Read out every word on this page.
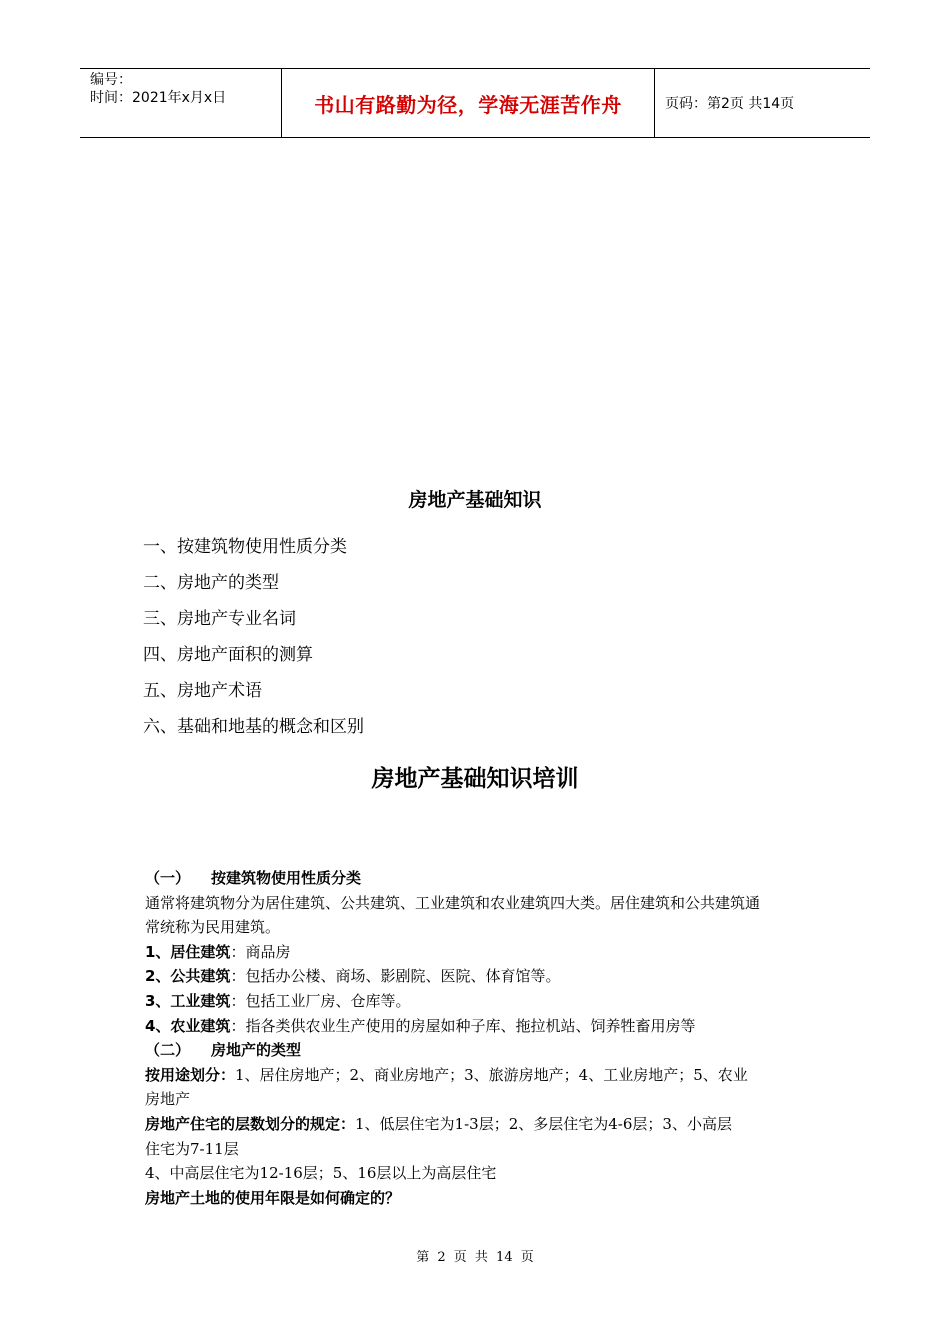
编号：
时间：2021年x月x日	书山有路勤为径，学海无涯苦作舟	页码：第2页 共14页
房地产基础知识
一、按建筑物使用性质分类
二、房地产的类型
三、房地产专业名词
四、房地产面积的测算
五、房地产术语
六、基础和地基的概念和区别
房地产基础知识培训

（一） 按建筑物使用性质分类

通常将建筑物分为居住建筑、公共建筑、工业建筑和农业建筑四大类。居住建筑和公共建筑通

常统称为民用建筑。

1、居住建筑：商品房

2、公共建筑：包括办公楼、商场、影剧院、医院、体育馆等。

3、工业建筑：包括工业厂房、仓库等。

4、农业建筑：指各类供农业生产使用的房屋如种子库、拖拉机站、饲养牲畜用房等

（二） 房地产的类型

按用途划分：1、居住房地产；2、商业房地产；3、旅游房地产；4、工业房地产；5、农业

房地产

房地产住宅的层数划分的规定：1、低层住宅为1-3层；2、多层住宅为4-6层；3、小高层

住宅为7-11层

4、中高层住宅为12-16层；5、16层以上为高层住宅

房地产土地的使用年限是如何确定的？

第 2 页 共 14 页
